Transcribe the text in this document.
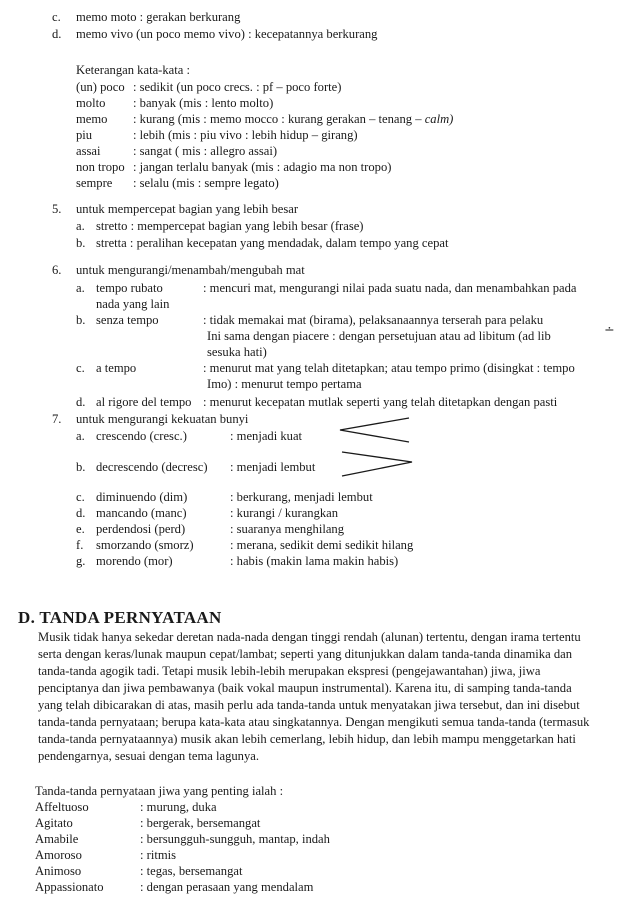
c. memo moto : gerakan berkurang
d. memo vivo (un poco memo vivo) : kecepatannya berkurang
Keterangan kata-kata :
(un) poco : sedikit (un poco crecs. : pf – poco forte)
molto : banyak (mis : lento molto)
memo : kurang (mis : memo mocco : kurang gerakan – tenang – calm)
piu	: lebih (mis : piu vivo : lebih hidup – girang)
assai	: sangat ( mis : allegro assai)
non tropo : jangan terlalu banyak (mis : adagio ma non tropo)
sempre : selalu (mis : sempre legato)
5. untuk mempercepat bagian yang lebih besar
a. stretto : mempercepat bagian yang lebih besar (frase)
b. stretta : peralihan kecepatan yang mendadak, dalam tempo yang cepat
6. untuk mengurangi/menambah/mengubah mat
a. tempo rubato	: mencuri mat, mengurangi nilai pada suatu nada, dan menambahkan pada
nada yang lain
b. senza tempo	: tidak memakai mat (birama), pelaksanaannya terserah para pelaku
Ini sama dengan piacere : dengan persetujuan atau ad libitum (ad lib	∸
sesuka hati)
c. a tempo	: menurut mat yang telah ditetapkan; atau tempo primo (disingkat : tempo
Imo) : menurut tempo pertama
d. al rigore del tempo : menurut kecepatan mutlak seperti yang telah ditetapkan dengan pasti
7. untuk mengurangi kekuatan bunyi
a. crescendo (cresc.)	: menjadi kuat
b. decrescendo (decresc) : menjadi lembut
c. diminuendo (dim)	: berkurang, menjadi lembut
d. mancando (manc)	: kurangi / kurangkan
e. perdendosi (perd)	: suaranya menghilang
f. smorzando (smorz)	: merana, sedikit demi sedikit hilang
g. morendo (mor)	: habis (makin lama makin habis)
D. TANDA PERNYATAAN
Musik tidak hanya sekedar deretan nada-nada dengan tinggi rendah (alunan) tertentu, dengan irama tertentu
serta dengan keras/lunak maupun cepat/lambat; seperti yang ditunjukkan dalam tanda-tanda dinamika dan
tanda-tanda agogik tadi. Tetapi musik lebih-lebih merupakan ekspresi (pengejawantahan) jiwa, jiwa
penciptanya dan jiwa pembawanya (baik vokal maupun instrumental). Karena itu, di samping tanda-tanda
yang telah dibicarakan di atas, masih perlu ada tanda-tanda untuk menyatakan jiwa tersebut, dan ini disebut
tanda-tanda pernyataan; berupa kata-kata atau singkatannya. Dengan mengikuti semua tanda-tanda (termasuk
tanda-tanda pernyataannya) musik akan lebih cemerlang, lebih hidup, dan lebih mampu menggetarkan hati
pendengarnya, sesuai dengan tema lagunya.
Tanda-tanda pernyataan jiwa yang penting ialah :
Affeltuoso	: murung, duka
Agitato	: bergerak, bersemangat
Amabile	: bersungguh-sungguh, mantap, indah
Amoroso	: ritmis
Animoso	: tegas, bersemangat
Appassionato	: dengan perasaan yang mendalam
